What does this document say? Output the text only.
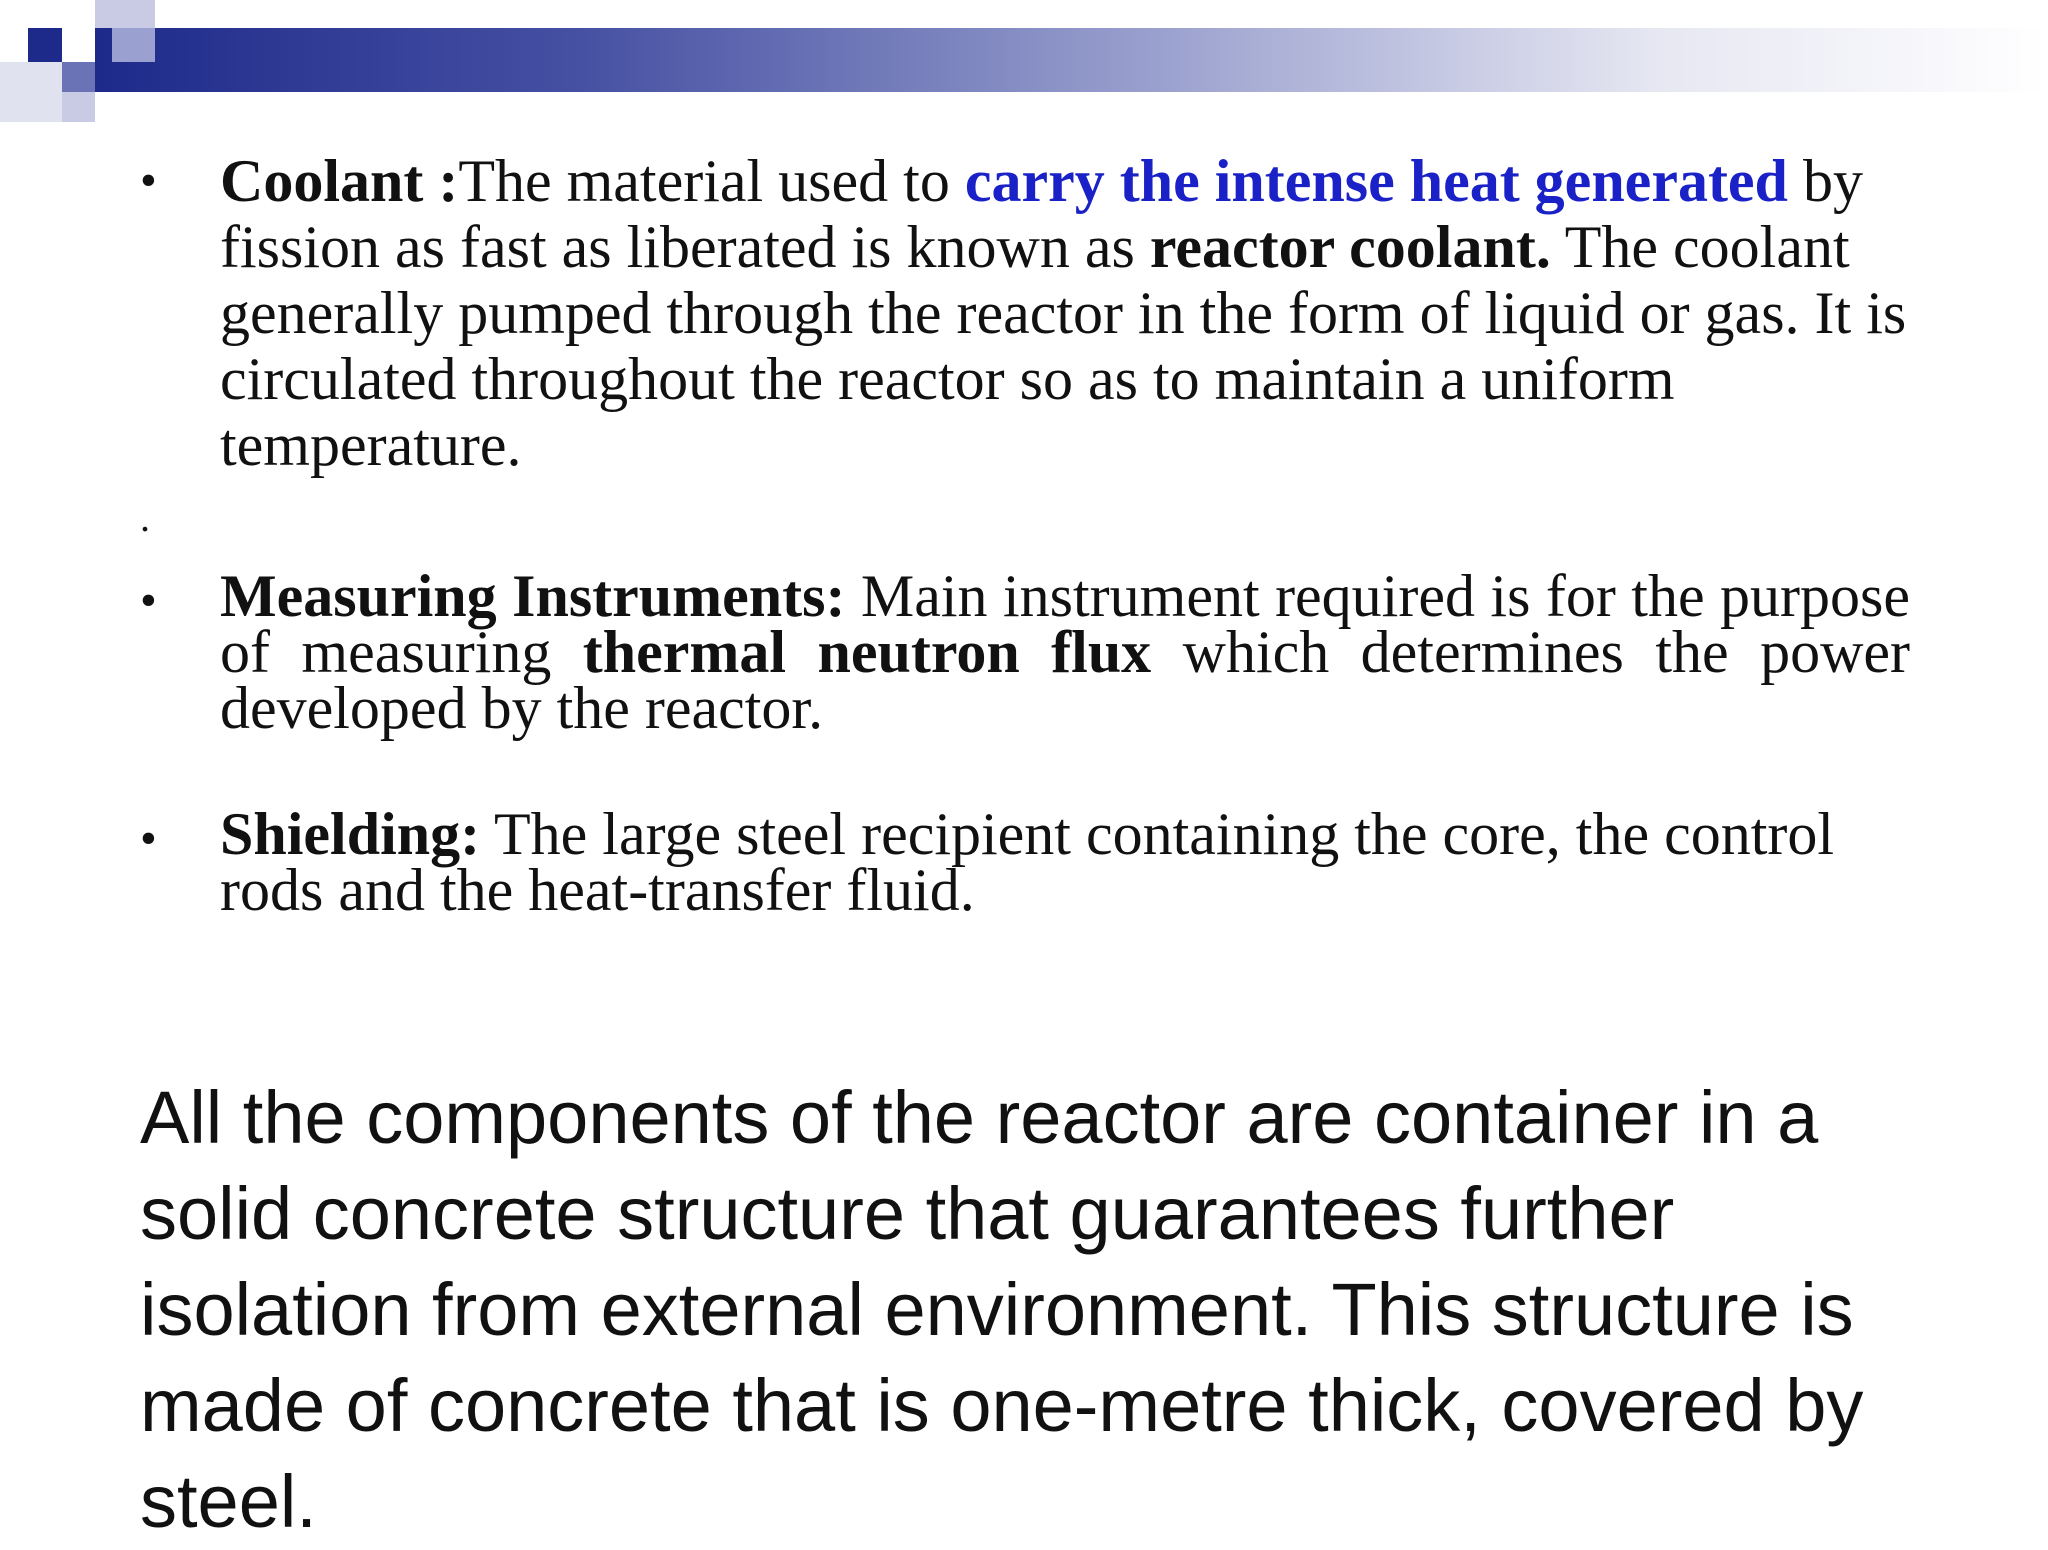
• Coolant :The material used to carry the intense heat generated by fission as fast as liberated is known as reactor coolant. The coolant generally pumped through the reactor in the form of liquid or gas. It is circulated throughout the reactor so as to maintain a uniform temperature.
.
• Measuring Instruments: Main instrument required is for the purpose of measuring thermal neutron flux which determines the power developed by the reactor.
• Shielding: The large steel recipient containing the core, the control rods and the heat-transfer fluid.
All the components of the reactor are container in a solid concrete structure that guarantees further isolation from external environment. This structure is made of concrete that is one-metre thick, covered by steel.
